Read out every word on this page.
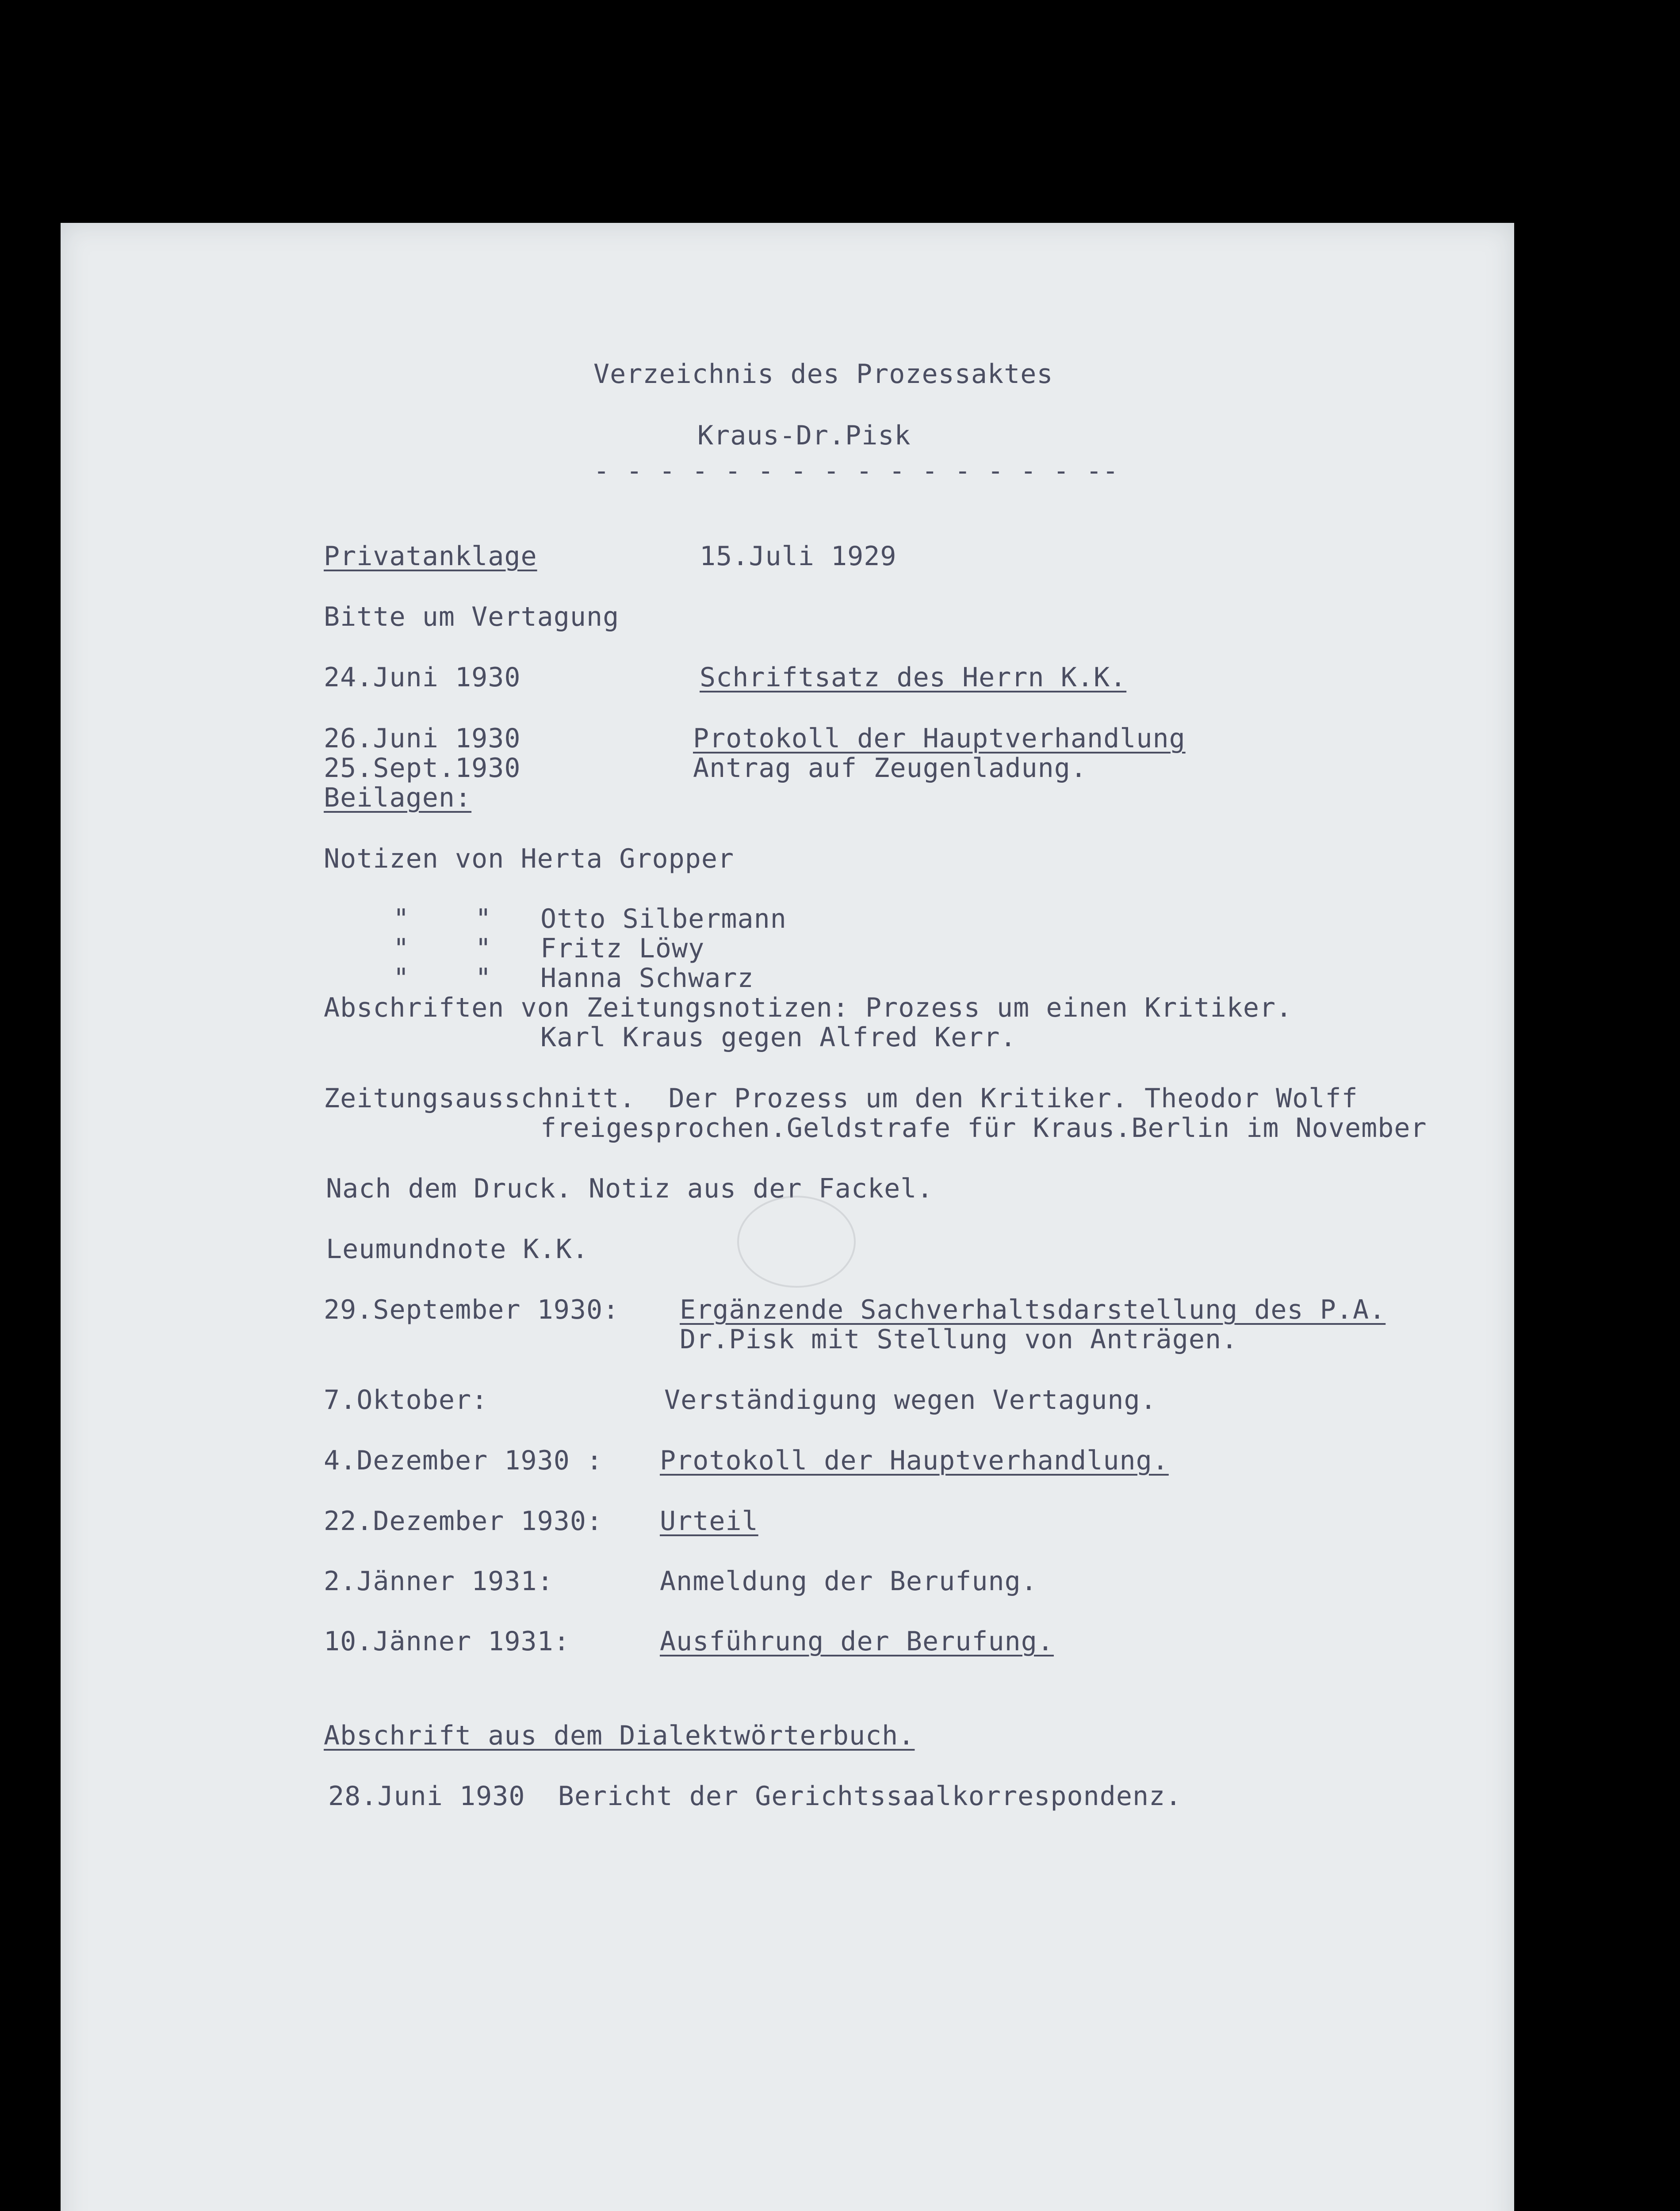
Verzeichnis des Prozessaktes
Kraus-Dr.Pisk
- - - - - - - - - - - - - - - --
Privatanklage	15.Juli 1929
Bitte um Vertagung
24.Juni 1930	Schriftsatz des Herrn K.K.
26.Juni 1930	Protokoll der Hauptverhandlung
25.Sept.1930	Antrag auf Zeugenladung.
Beilagen:
Notizen von Herta Gropper
"    " Otto Silbermann
"    " Fritz Löwy
"    " Hanna Schwarz
Abschriften von Zeitungsnotizen: Prozess um einen Kritiker.
Karl Kraus gegen Alfred Kerr.
Zeitungsausschnitt.  Der Prozess um den Kritiker. Theodor Wolff
freigesprochen.Geldstrafe für Kraus.Berlin im November
Nach dem Druck. Notiz aus der Fackel.
Leumundnote K.K.
29.September 1930: Ergänzende Sachverhaltsdarstellung des P.A.
Dr.Pisk mit Stellung von Anträgen.
7.Oktober:	Verständigung wegen Vertagung.
4.Dezember 1930 : Protokoll der Hauptverhandlung.
22.Dezember 1930: Urteil
2.Jänner 1931:	Anmeldung der Berufung.
10.Jänner 1931:	Ausführung der Berufung.
Abschrift aus dem Dialektwörterbuch.
28.Juni 1930  Bericht der Gerichtssaalkorrespondenz.
